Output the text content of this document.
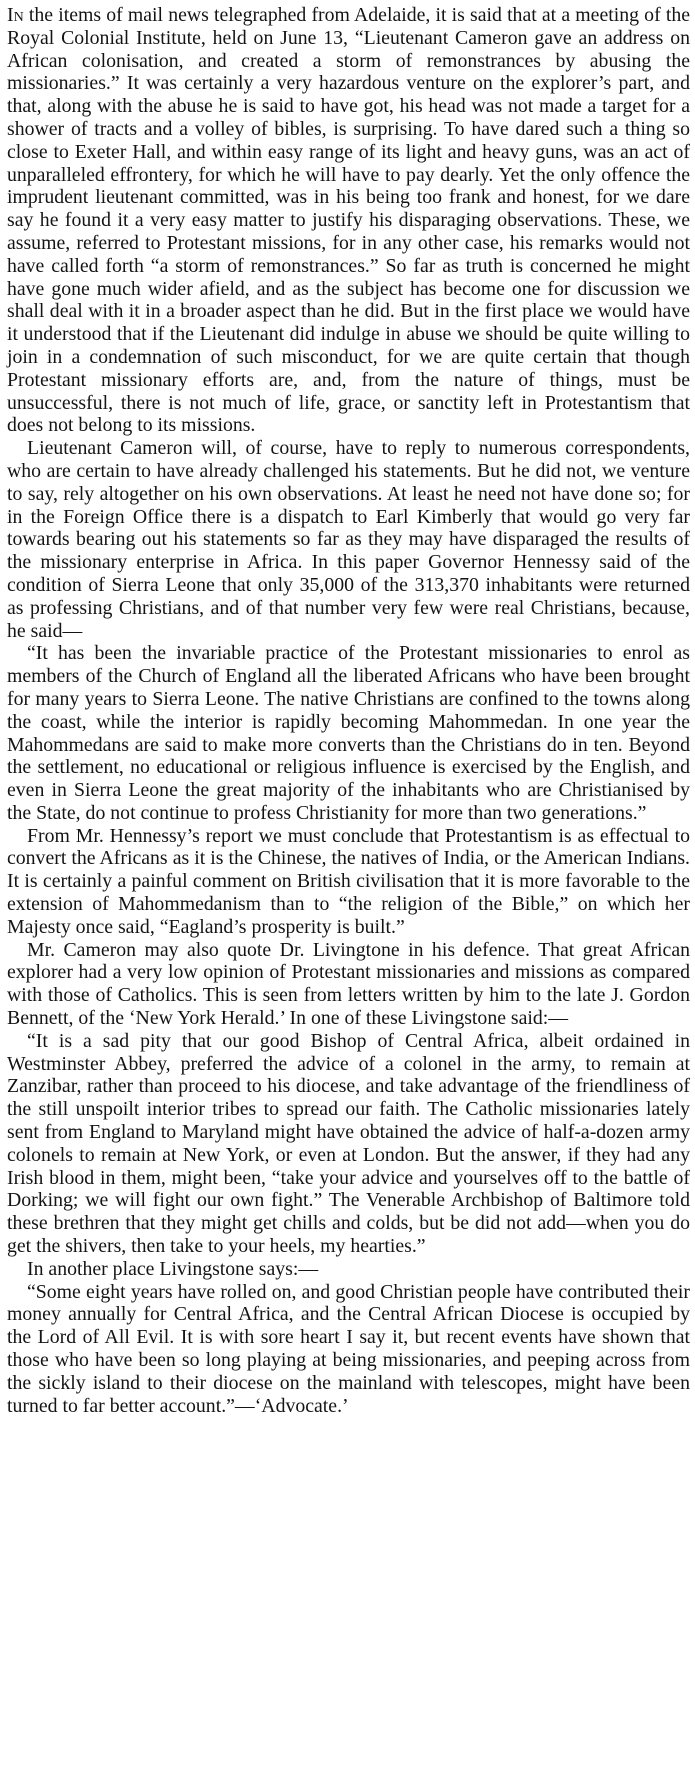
In the items of mail news telegraphed from Adelaide, it is said that at a meeting of the Royal Colonial Institute, held on June 13, “Lieutenant Cameron gave an address on African colonisation, and created a storm of remonstrances by abusing the missionaries.” It was certainly a very hazardous venture on the explorer’s part, and that, along with the abuse he is said to have got, his head was not made a target for a shower of tracts and a volley of bibles, is surprising. To have dared such a thing so close to Exeter Hall, and within easy range of its light and heavy guns, was an act of unparalleled effrontery, for which he will have to pay dearly. Yet the only offence the imprudent lieutenant committed, was in his being too frank and honest, for we dare say he found it a very easy matter to justify his disparaging observations. These, we assume, referred to Protestant missions, for in any other case, his remarks would not have called forth “a storm of remonstrances.” So far as truth is concerned he might have gone much wider afield, and as the subject has become one for discussion we shall deal with it in a broader aspect than he did. But in the first place we would have it understood that if the Lieutenant did indulge in abuse we should be quite willing to join in a condemnation of such misconduct, for we are quite certain that though Protestant missionary efforts are, and, from the nature of things, must be unsuccessful, there is not much of life, grace, or sanctity left in Protestantism that does not belong to its missions.

Lieutenant Cameron will, of course, have to reply to numerous correspondents, who are certain to have already challenged his statements. But he did not, we venture to say, rely altogether on his own observations. At least he need not have done so; for in the Foreign Office there is a dispatch to Earl Kimberly that would go very far towards bearing out his statements so far as they may have disparaged the results of the missionary enterprise in Africa. In this paper Governor Hennessy said of the condition of Sierra Leone that only 35,000 of the 313,370 inhabitants were returned as professing Christians, and of that number very few were real Christians, because, he said—

“It has been the invariable practice of the Protestant missionaries to enrol as members of the Church of England all the liberated Africans who have been brought for many years to Sierra Leone. The native Christians are confined to the towns along the coast, while the interior is rapidly becoming Mahommedan. In one year the Mahommedans are said to make more converts than the Christians do in ten. Beyond the settlement, no educational or religious influence is exercised by the English, and even in Sierra Leone the great majority of the inhabitants who are Christianised by the State, do not continue to profess Christianity for more than two generations.”

From Mr. Hennessy’s report we must conclude that Protestantism is as effectual to convert the Africans as it is the Chinese, the natives of India, or the American Indians. It is certainly a painful comment on British civilisation that it is more favorable to the extension of Mahommedanism than to “the religion of the Bible,” on which her Majesty once said, “Eagland’s prosperity is built.”

Mr. Cameron may also quote Dr. Livingtone in his defence. That great African explorer had a very low opinion of Protestant missionaries and missions as compared with those of Catholics. This is seen from letters written by him to the late J. Gordon Bennett, of the ‘New York Herald.’ In one of these Livingstone said:—

“It is a sad pity that our good Bishop of Central Africa, albeit ordained in Westminster Abbey, preferred the advice of a colonel in the army, to remain at Zanzibar, rather than proceed to his diocese, and take advantage of the friendliness of the still unspoilt interior tribes to spread our faith. The Catholic missionaries lately sent from England to Maryland might have obtained the advice of half-a-dozen army colonels to remain at New York, or even at London. But the answer, if they had any Irish blood in them, might been, “take your advice and yourselves off to the battle of Dorking; we will fight our own fight.” The Venerable Archbishop of Baltimore told these brethren that they might get chills and colds, but be did not add—when you do get the shivers, then take to your heels, my hearties.”

In another place Livingstone says:—

“Some eight years have rolled on, and good Christian people have contributed their money annually for Central Africa, and the Central African Diocese is occupied by the Lord of All Evil. It is with sore heart I say it, but recent events have shown that those who have been so long playing at being missionaries, and peeping across from the sickly island to their diocese on the mainland with telescopes, might have been turned to far better account.”—‘Advocate.’
